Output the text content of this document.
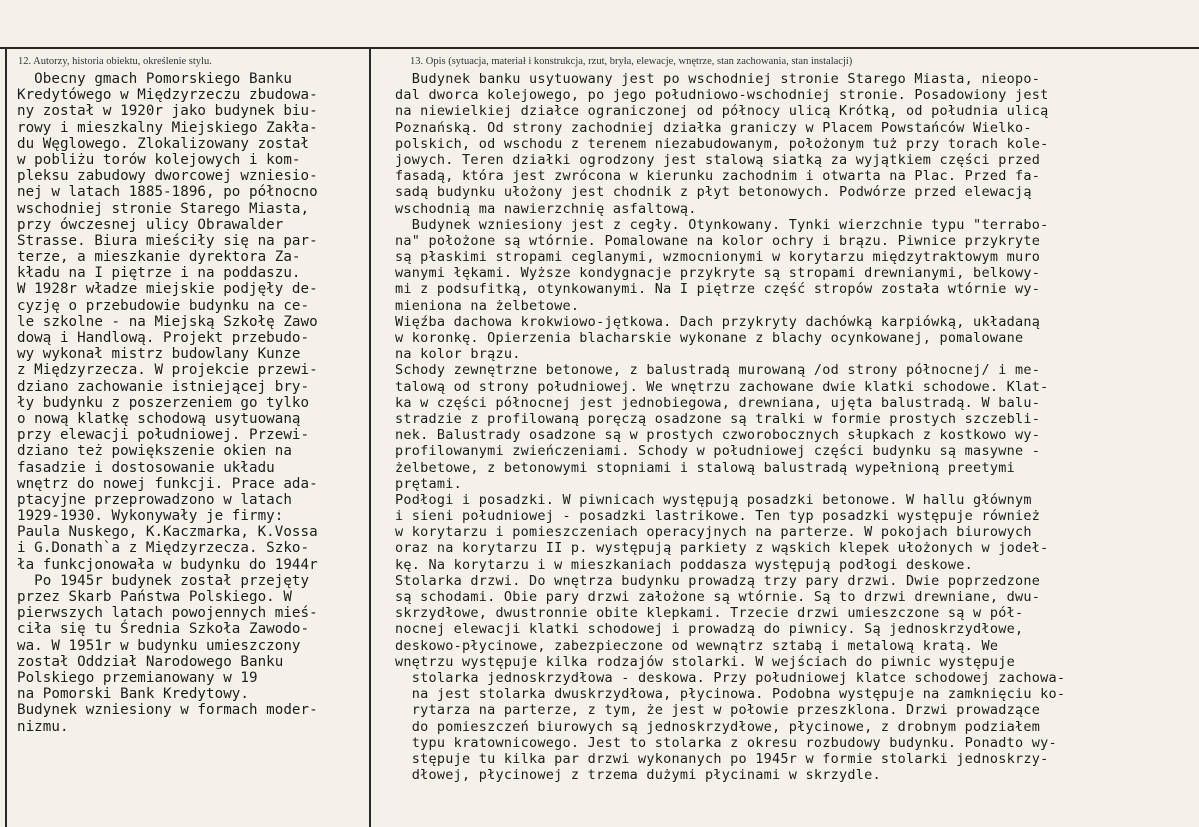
12. Autorzy, historia obiektu, określenie stylu.	13. Opis (sytuacja, materiał i konstrukcja, rzut, bryła, elewacje, wnętrze, stan zachowania, stan instalacji)
Obecny gmach Pomorskiego Banku
Kredytówego w Międzyrzeczu zbudowa-
ny został w 1920r jako budynek biu-
rowy i mieszkalny Miejskiego Zakła-
du Węglowego. Zlokalizowany został
w pobliżu torów kolejowych i kom-
pleksu zabudowy dworcowej wzniesio-
nej w latach 1885-1896, po północno
wschodniej stronie Starego Miasta,
przy ówczesnej ulicy Obrawalder
Strasse. Biura mieściły się na par-
terze, a mieszkanie dyrektora Za-
kładu na I piętrze i na poddaszu.
W 1928r władze miejskie podjęły de-
cyzję o przebudowie budynku na ce-
le szkolne - na Miejską Szkołę Zawo
dową i Handlową. Projekt przebudo-
wy wykonał mistrz budowlany Kunze
z Międzyrzecza. W projekcie przewi-
dziano zachowanie istniejącej bry-
ły budynku z poszerzeniem go tylko
o nową klatkę schodową usytuowaną
przy elewacji południowej. Przewi-
dziano też powiększenie okien na
fasadzie i dostosowanie układu
wnętrz do nowej funkcji. Prace ada-
ptacyjne przeprowadzono w latach
1929-1930. Wykonywały je firmy:
Paula Nuskego, K.Kaczmarka, K.Vossa
i G.Donath`a z Międzyrzecza. Szko-
ła funkcjonowała w budynku do 1944r
Po 1945r budynek został przejęty
przez Skarb Państwa Polskiego. W
pierwszych latach powojennych mieś-
ciła się tu Średnia Szkoła Zawodo-
wa. W 1951r w budynku umieszczony
został Oddział Narodowego Banku
Polskiego przemianowany w 19
na Pomorski Bank Kredytowy.
Budynek wzniesiony w formach moder-
nizmu.
Budynek banku usytuowany jest po wschodniej stronie Starego Miasta, nieopo-
dal dworca kolejowego, po jego południowo-wschodniej stronie. Posadowiony jest
na niewielkiej działce ograniczonej od północy ulicą Krótką, od południa ulicą
Poznańską. Od strony zachodniej działka graniczy w Placem Powstańców Wielko-
polskich, od wschodu z terenem niezabudowanym, położonym tuż przy torach kole-
jowych. Teren działki ogrodzony jest stalową siatką za wyjątkiem części przed
fasadą, która jest zwrócona w kierunku zachodnim i otwarta na Plac. Przed fa-
sadą budynku ułożony jest chodnik z płyt betonowych. Podwórze przed elewacją
wschodnią ma nawierzchnię asfaltową.
Budynek wzniesiony jest z cegły. Otynkowany. Tynki wierzchnie typu "terrabo-
na" położone są wtórnie. Pomalowane na kolor ochry i brązu. Piwnice przykryte
są płaskimi stropami ceglanymi, wzmocnionymi w korytarzu międzytraktowym muro
wanymi łękami. Wyższe kondygnacje przykryte są stropami drewnianymi, belkowy-
mi z podsufitką, otynkowanymi. Na I piętrze część stropów została wtórnie wy-
mieniona na żelbetowe.
Więźba dachowa krokwiowo-jętkowa. Dach przykryty dachówką karpiówką, układaną
w koronkę. Opierzenia blacharskie wykonane z blachy ocynkowanej, pomalowane
na kolor brązu.
Schody zewnętrzne betonowe, z balustradą murowaną /od strony północnej/ i me-
talową od strony południowej. We wnętrzu zachowane dwie klatki schodowe. Klat-
ka w części północnej jest jednobiegowa, drewniana, ujęta balustradą. W balu-
stradzie z profilowaną poręczą osadzone są tralki w formie prostych szczebli-
nek. Balustrady osadzone są w prostych czworobocznych słupkach z kostkowo wy-
profilowanymi zwieńczeniami. Schody w południowej części budynku są masywne -
żelbetowe, z betonowymi stopniami i stalową balustradą wypełnioną preetymi
prętami.
Podłogi i posadzki. W piwnicach występują posadzki betonowe. W hallu głównym
i sieni południowej - posadzki lastrikowe. Ten typ posadzki występuje również
w korytarzu i pomieszczeniach operacyjnych na parterze. W pokojach biurowych
oraz na korytarzu II p. występują parkiety z wąskich klepek ułożonych w jodeł-
kę. Na korytarzu i w mieszkaniach poddasza występują podłogi deskowe.
Stolarka drzwi. Do wnętrza budynku prowadzą trzy pary drzwi. Dwie poprzedzone
są schodami. Obie pary drzwi założone są wtórnie. Są to drzwi drewniane, dwu-
skrzydłowe, dwustronnie obite klepkami. Trzecie drzwi umieszczone są w pół-
nocnej elewacji klatki schodowej i prowadzą do piwnicy. Są jednoskrzydłowe,
deskowo-płycinowe, zabezpieczone od wewnątrz sztabą i metalową kratą. We
wnętrzu występuje kilka rodzajów stolarki. W wejściach do piwnic występuje
stolarka jednoskrzydłowa - deskowa. Przy południowej klatce schodowej zachowa-
na jest stolarka dwuskrzydłowa, płycinowa. Podobna występuje na zamknięciu ko-
rytarza na parterze, z tym, że jest w połowie przeszklona. Drzwi prowadzące
do pomieszczeń biurowych są jednoskrzydłowe, płycinowe, z drobnym podziałem
typu kratownicowego. Jest to stolarka z okresu rozbudowy budynku. Ponadto wy-
stępuje tu kilka par drzwi wykonanych po 1945r w formie stolarki jednoskrzy-
dłowej, płycinowej z trzema dużymi płycinami w skrzydle.
